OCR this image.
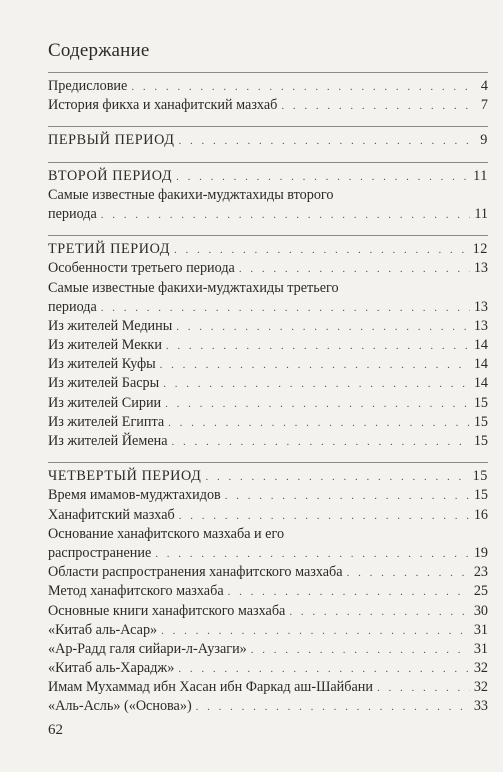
Содержание
Предисловие . . .	4
История фикха и ханафитский мазхаб . . .	7
ПЕРВЫЙ ПЕРИОД . . .	9
ВТОРОЙ ПЕРИОД . . .	11
Самые известные факихи-муджтахиды второго
периода . . .	11
ТРЕТИЙ ПЕРИОД . . .	12
Особенности третьего периода . . .	13
Самые известные факихи-муджтахиды третьего
периода . . .	13
Из жителей Медины . . .	13
Из жителей Мекки . . .	14
Из жителей Куфы . . .	14
Из жителей Басры . . .	14
Из жителей Сирии . . .	15
Из жителей Египта . . .	15
Из жителей Йемена . . .	15
ЧЕТВЕРТЫЙ ПЕРИОД . . .	15
Время имамов-муджтахидов . . .	15
Ханафитский мазхаб . . .	16
Основание ханафитского мазхаба и его
распространение . . .	19
Области распространения ханафитского мазхаба . . .	23
Метод ханафитского мазхаба . . .	25
Основные книги ханафитского мазхаба . . .	30
«Китаб аль-Асар» . . .	31
«Ар-Радд галя сийари-л-Аузаги» . . .	31
«Китаб аль-Харадж» . . .	32
Имам Мухаммад ибн Хасан ибн Фаркад аш-Шайбани . . .	32
«Аль-Асль» («Основа») . . .	33
62
